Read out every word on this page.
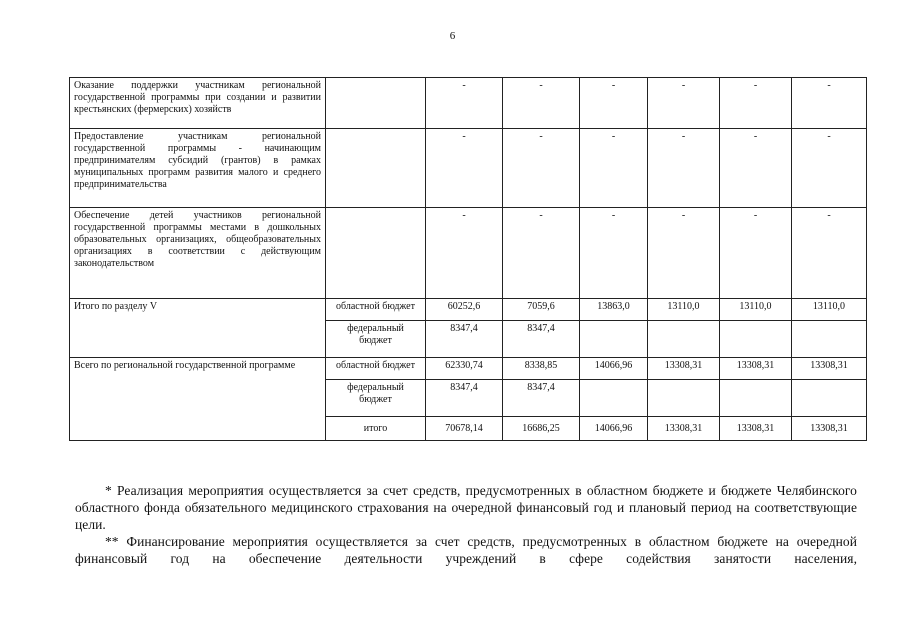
6
Оказание поддержки участникам региональной государственной программы при создании и развитии крестьянских (фермерских) хозяйств		-	-	-	-	-	-
Предоставление участникам региональной государственной программы - начинающим предпринимателям субсидий (грантов) в рамках муниципальных программ развития малого и среднего предпринимательства		-	-	-	-	-	-
Обеспечение детей участников региональной государственной программы местами в дошкольных образовательных организациях, общеобразовательных организациях в соответствии с действующим законодательством		-	-	-	-	-	-
Итого по разделу V	областной бюджет	60252,6	7059,6	13863,0	13110,0	13110,0	13110,0
	федеральный бюджет	8347,4	8347,4				
Всего по региональной государственной программе	областной бюджет	62330,74	8338,85	14066,96	13308,31	13308,31	13308,31
	федеральный бюджет	8347,4	8347,4				
	итого	70678,14	16686,25	14066,96	13308,31	13308,31	13308,31

* Реализация мероприятия осуществляется за счет средств, предусмотренных в областном бюджете и бюджете Челябинского областного фонда обязательного медицинского страхования на очередной финансовый год и плановый период на соответствующие цели.

** Финансирование мероприятия осуществляется за счет средств, предусмотренных в областном бюджете на очередной финансовый год на обеспечение деятельности учреждений в сфере содействия занятости населения,
